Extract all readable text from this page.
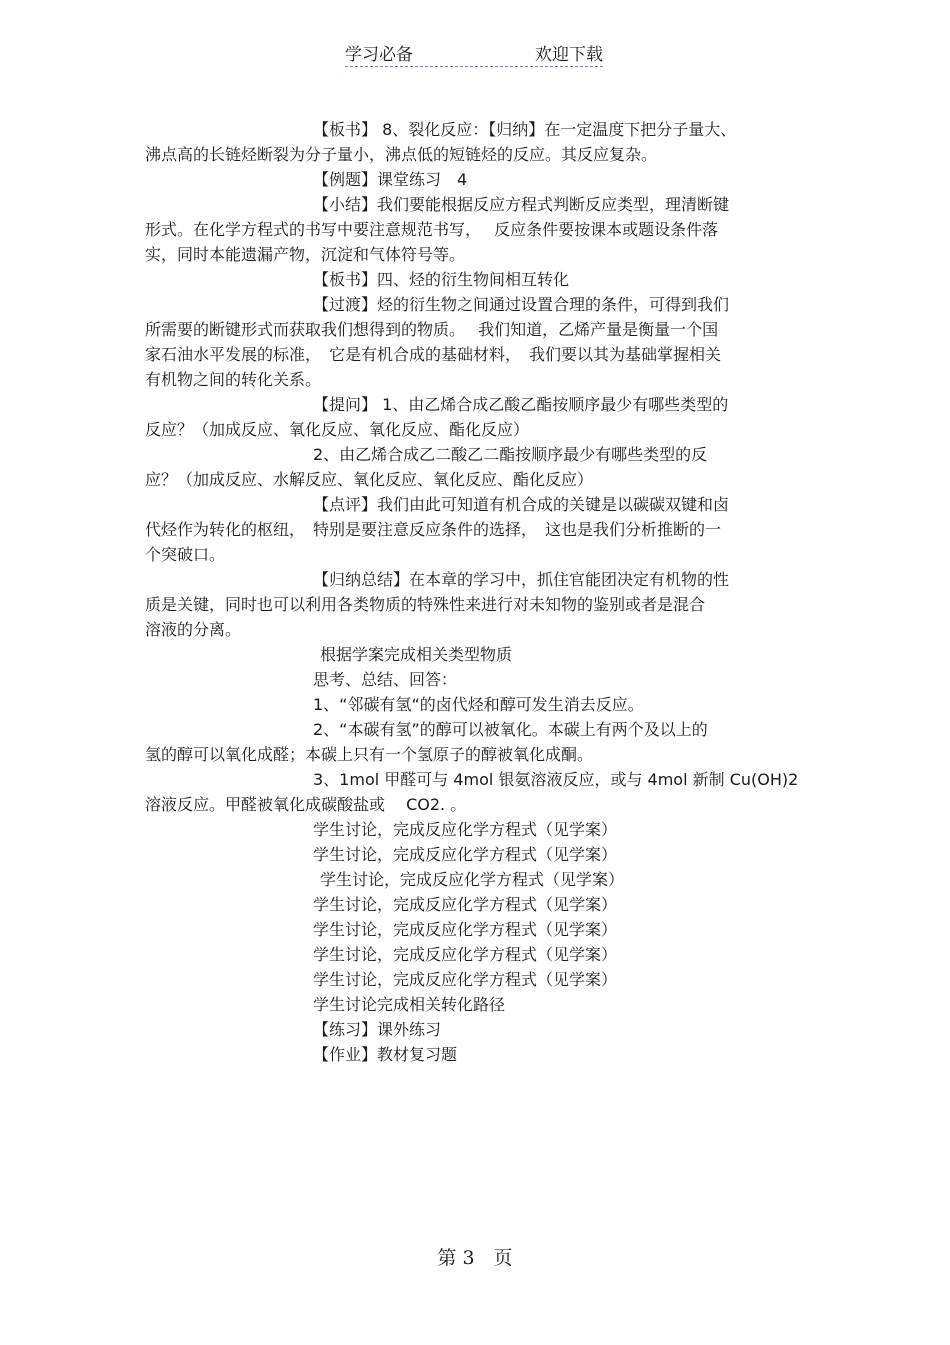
学习必备	欢迎下载
【板书】 8、裂化反应：【归纳】在一定温度下把分子量大、
沸点高的长链烃断裂为分子量小，沸点低的短链烃的反应。其反应复杂。
【例题】课堂练习　4
【小结】我们要能根据反应方程式判断反应类型，理清断键
形式。在化学方程式的书写中要注意规范书写，　 反应条件要按课本或题设条件落
实，同时本能遗漏产物，沉淀和气体符号等。
【板书】四、烃的衍生物间相互转化
【过渡】烃的衍生物之间通过设置合理的条件，可得到我们
所需要的断键形式而获取我们想得到的物质。　 我们知道，乙烯产量是衡量一个国
家石油水平发展的标准，　它是有机合成的基础材料，　我们要以其为基础掌握相关
有机物之间的转化关系。
【提问】 1、由乙烯合成乙酸乙酯按顺序最少有哪些类型的
反应？（加成反应、氧化反应、氧化反应、酯化反应）
2、由乙烯合成乙二酸乙二酯按顺序最少有哪些类型的反
应？（加成反应、水解反应、氧化反应、氧化反应、酯化反应）
【点评】我们由此可知道有机合成的关键是以碳碳双键和卤
代烃作为转化的枢纽，　特别是要注意反应条件的选择，　这也是我们分析推断的一
个突破口。
【归纳总结】在本章的学习中，抓住官能团决定有机物的性
质是关键，同时也可以利用各类物质的特殊性来进行对未知物的鉴别或者是混合
溶液的分离。
根据学案完成相关类型物质
思考、总结、回答：
1、“邻碳有氢“的卤代烃和醇可发生消去反应。
2、“本碳有氢”的醇可以被氧化。本碳上有两个及以上的
氢的醇可以氧化成醛；本碳上只有一个氢原子的醇被氧化成酮。
3、1mol 甲醛可与 4mol 银氨溶液反应，或与 4mol 新制 Cu(OH)2
溶液反应。甲醛被氧化成碳酸盐或　 CO2. 。
学生讨论，完成反应化学方程式（见学案）
学生讨论，完成反应化学方程式（见学案）
学生讨论，完成反应化学方程式（见学案）
学生讨论，完成反应化学方程式（见学案）
学生讨论，完成反应化学方程式（见学案）
学生讨论，完成反应化学方程式（见学案）
学生讨论，完成反应化学方程式（见学案）
学生讨论完成相关转化路径
【练习】课外练习
【作业】教材复习题
第 3　页
